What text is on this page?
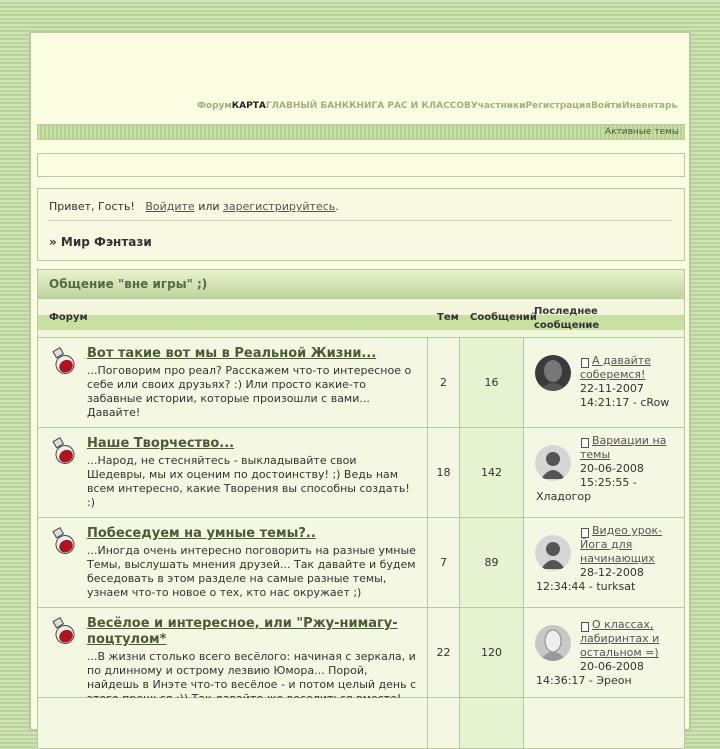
ФорумКАРТАГЛАВНЫЙ БАНККНИГА РАС И КЛАССОВУчастникиРегистрацияВойтиИнвентарь
Активные темы
Привет, Гость! Войдите или зарегистрируйтесь.
» Мир Фэнтази
Общение "вне игры" ;)
Форум	Тем Сообщений
Последнее сообщение
Вот такие вот мы в Реальной Жизни...
...Поговорим про реал? Расскажем что-то интересное о себе или своих друзьях? :) Или просто какие-то забавные истории, которые произошли с вами... Давайте!
2	16
А давайте соберемся!
22-11-2007
14:21:17 - cRow
Наше Творчество...
...Народ, не стесняйтесь - выкладывайте свои Шедевры, мы их оценим по достоинству! ;) Ведь нам всем интересно, какие Творения вы способны создать! :)
18	142
Вариации на темы
20-06-2008
15:25:55 - Хладогор
Побеседуем на умные темы?..
...Иногда очень интересно поговорить на разные умные Темы, выслушать мнения друзей... Так давайте и будем беседовать в этом разделе на самые разные темы, узнаем что-то новое о тех, кто нас окружает ;)
7	89
Видео урок- Йога для начинающих
28-12-2008
12:34:44 - turksat
Весёлое и интересное, или "Ржу-нимагу-поцтулом*
...В жизни столько всего весёлого: начиная с зеркала, и по длинному и острому лезвию Юмора... Порой, найдешь в Инэте что-то весёлое - и потом целый день с
22	120
О классах, лабиринтах и остальном =)
20-06-2008
14:36:17 - Эреон
